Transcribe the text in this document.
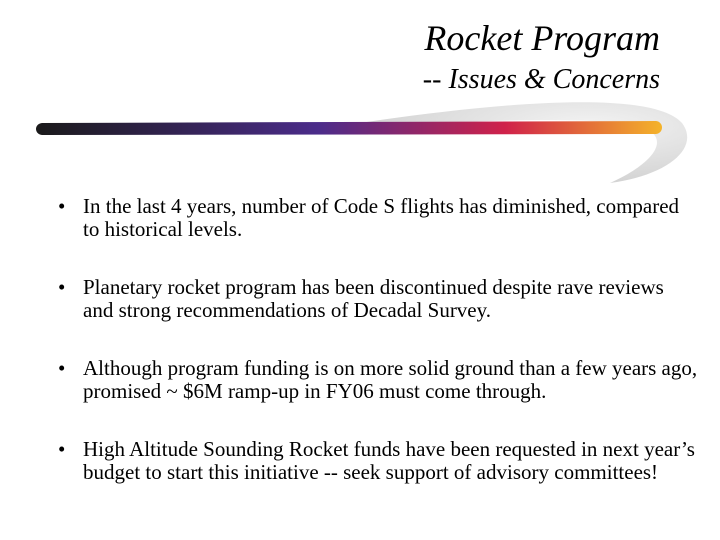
Rocket Program
-- Issues & Concerns
• In the last 4 years, number of Code S flights has diminished, compared to historical levels.
• Planetary rocket program has been discontinued despite rave reviews and strong recommendations of Decadal Survey.
• Although program funding is on more solid ground than a few years ago, promised ~ $6M ramp-up in FY06 must come through.
• High Altitude Sounding Rocket funds have been requested in next year’s budget to start this initiative -- seek support of advisory committees!
